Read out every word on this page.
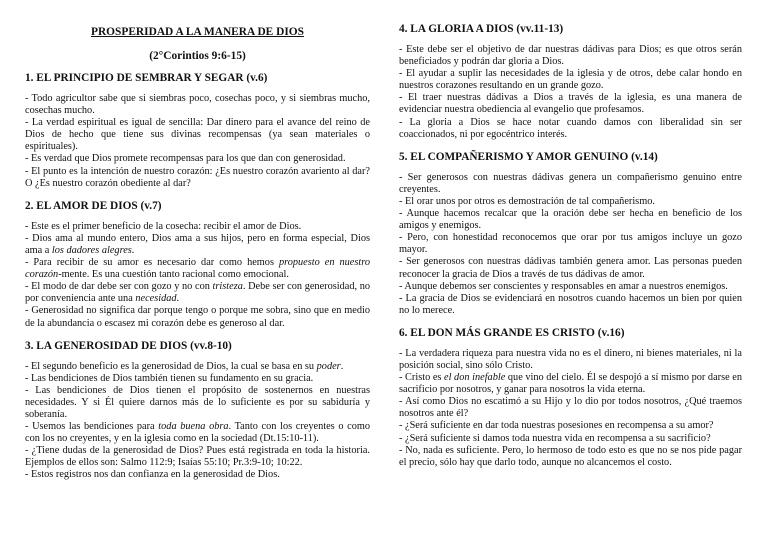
PROSPERIDAD A LA MANERA DE DIOS
(2°Corintios 9:6-15)
1. EL PRINCIPIO DE SEMBRAR Y SEGAR (v.6)

- Todo agricultor sabe que si siembras poco, cosechas poco, y si siembras mucho, cosechas mucho.

- La verdad espiritual es igual de sencilla: Dar dinero para el avance del reino de Dios de hecho que tiene sus divinas recompensas (ya sean materiales o espirituales).

- Es verdad que Dios promete recompensas para los que dan con generosidad.

- El punto es la intención de nuestro corazón: ¿Es nuestro corazón avariento al dar? O ¿Es nuestro corazón obediente al dar?

2. EL AMOR DE DIOS (v.7)

- Este es el primer beneficio de la cosecha: recibir el amor de Dios.

- Dios ama al mundo entero, Dios ama a sus hijos, pero en forma especial, Dios ama a los dadores alegres.

- Para recibir de su amor es necesario dar como hemos propuesto en nuestro corazón-mente. Es una cuestión tanto racional como emocional.

- El modo de dar debe ser con gozo y no con tristeza. Debe ser con generosidad, no por conveniencia ante una necesidad.

- Generosidad no significa dar porque tengo o porque me sobra, sino que en medio de la abundancia o escasez mi corazón debe es generoso al dar.

3. LA GENEROSIDAD DE DIOS (vv.8-10)

- El segundo beneficio es la generosidad de Dios, la cual se basa en su poder.

- Las bendiciones de Dios también tienen su fundamento en su gracia.

- Las bendiciones de Dios tienen el propósito de sostenernos en nuestras necesidades. Y si Él quiere darnos más de lo suficiente es por su sabiduría y soberanía.

- Usemos las bendiciones para toda buena obra. Tanto con los creyentes o como con los no creyentes, y en la iglesia como en la sociedad (Dt.15:10-11).

- ¿Tiene dudas de la generosidad de Dios? Pues está registrada en toda la historia. Ejemplos de ellos son: Salmo 112:9; Isaías 55:10; Pr.3:9-10; 10:22.

- Estos registros nos dan confianza en la generosidad de Dios.

4. LA GLORIA A DIOS (vv.11-13)

- Este debe ser el objetivo de dar nuestras dádivas para Dios; es que otros serán beneficiados y podrán dar gloria a Dios.

- El ayudar a suplir las necesidades de la iglesia y de otros, debe calar hondo en nuestros corazones resultando en un grande gozo.

- El traer nuestras dádivas a Dios a través de la iglesia, es una manera de evidenciar nuestra obediencia al evangelio que profesamos.

- La gloria a Dios se hace notar cuando damos con liberalidad sin ser coaccionados, ni por egocéntrico interés.

5. EL COMPAÑERISMO Y AMOR GENUINO (v.14)

- Ser generosos con nuestras dádivas genera un compañerismo genuino entre creyentes.

- El orar unos por otros es demostración de tal compañerismo.

- Aunque hacemos recalcar que la oración debe ser hecha en beneficio de los amigos y enemigos.

- Pero, con honestidad reconocemos que orar por tus amigos incluye un gozo mayor.

- Ser generosos con nuestras dádivas también genera amor. Las personas pueden reconocer la gracia de Dios a través de tus dádivas de amor.

- Aunque debemos ser conscientes y responsables en amar a nuestros enemigos.

- La gracia de Dios se evidenciará en nosotros cuando hacemos un bien por quien no lo merece.

6. EL DON MÁS GRANDE ES CRISTO (v.16)

- La verdadera riqueza para nuestra vida no es el dinero, ni bienes materiales, ni la posición social, sino sólo Cristo.

- Cristo es el don inefable que vino del cielo. Él se despojó a sí mismo por darse en sacrificio por nosotros, y ganar para nosotros la vida eterna.

- Así como Dios no escatimó a su Hijo y lo dio por todos nosotros, ¿Qué traemos nosotros ante él?

- ¿Será suficiente en dar toda nuestras posesiones en recompensa a su amor?

- ¿Será suficiente si damos toda nuestra vida en recompensa a su sacrificio?

- No, nada es suficiente. Pero, lo hermoso de todo esto es que no se nos pide pagar el precio, sólo hay que darlo todo, aunque no alcancemos el costo.
